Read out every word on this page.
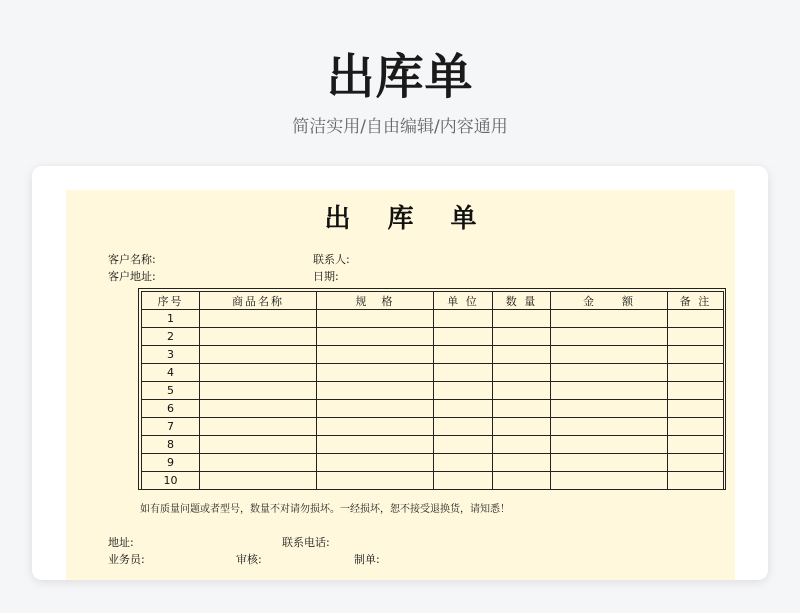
出库单
简洁实用/自由编辑/内容通用
出 库 单
客户名称:	联系人:
客户地址:	日期:
序号	商品名称	规　格	单 位	数 量	金　　额	备 注
1						
2						
3						
4						
5						
6						
7						
8						
9						
10						
如有质量问题或者型号，数量不对请勿损坏。一经损坏，恕不接受退换货，请知悉！
地址:	联系电话:
业务员:	审核:	制单:
